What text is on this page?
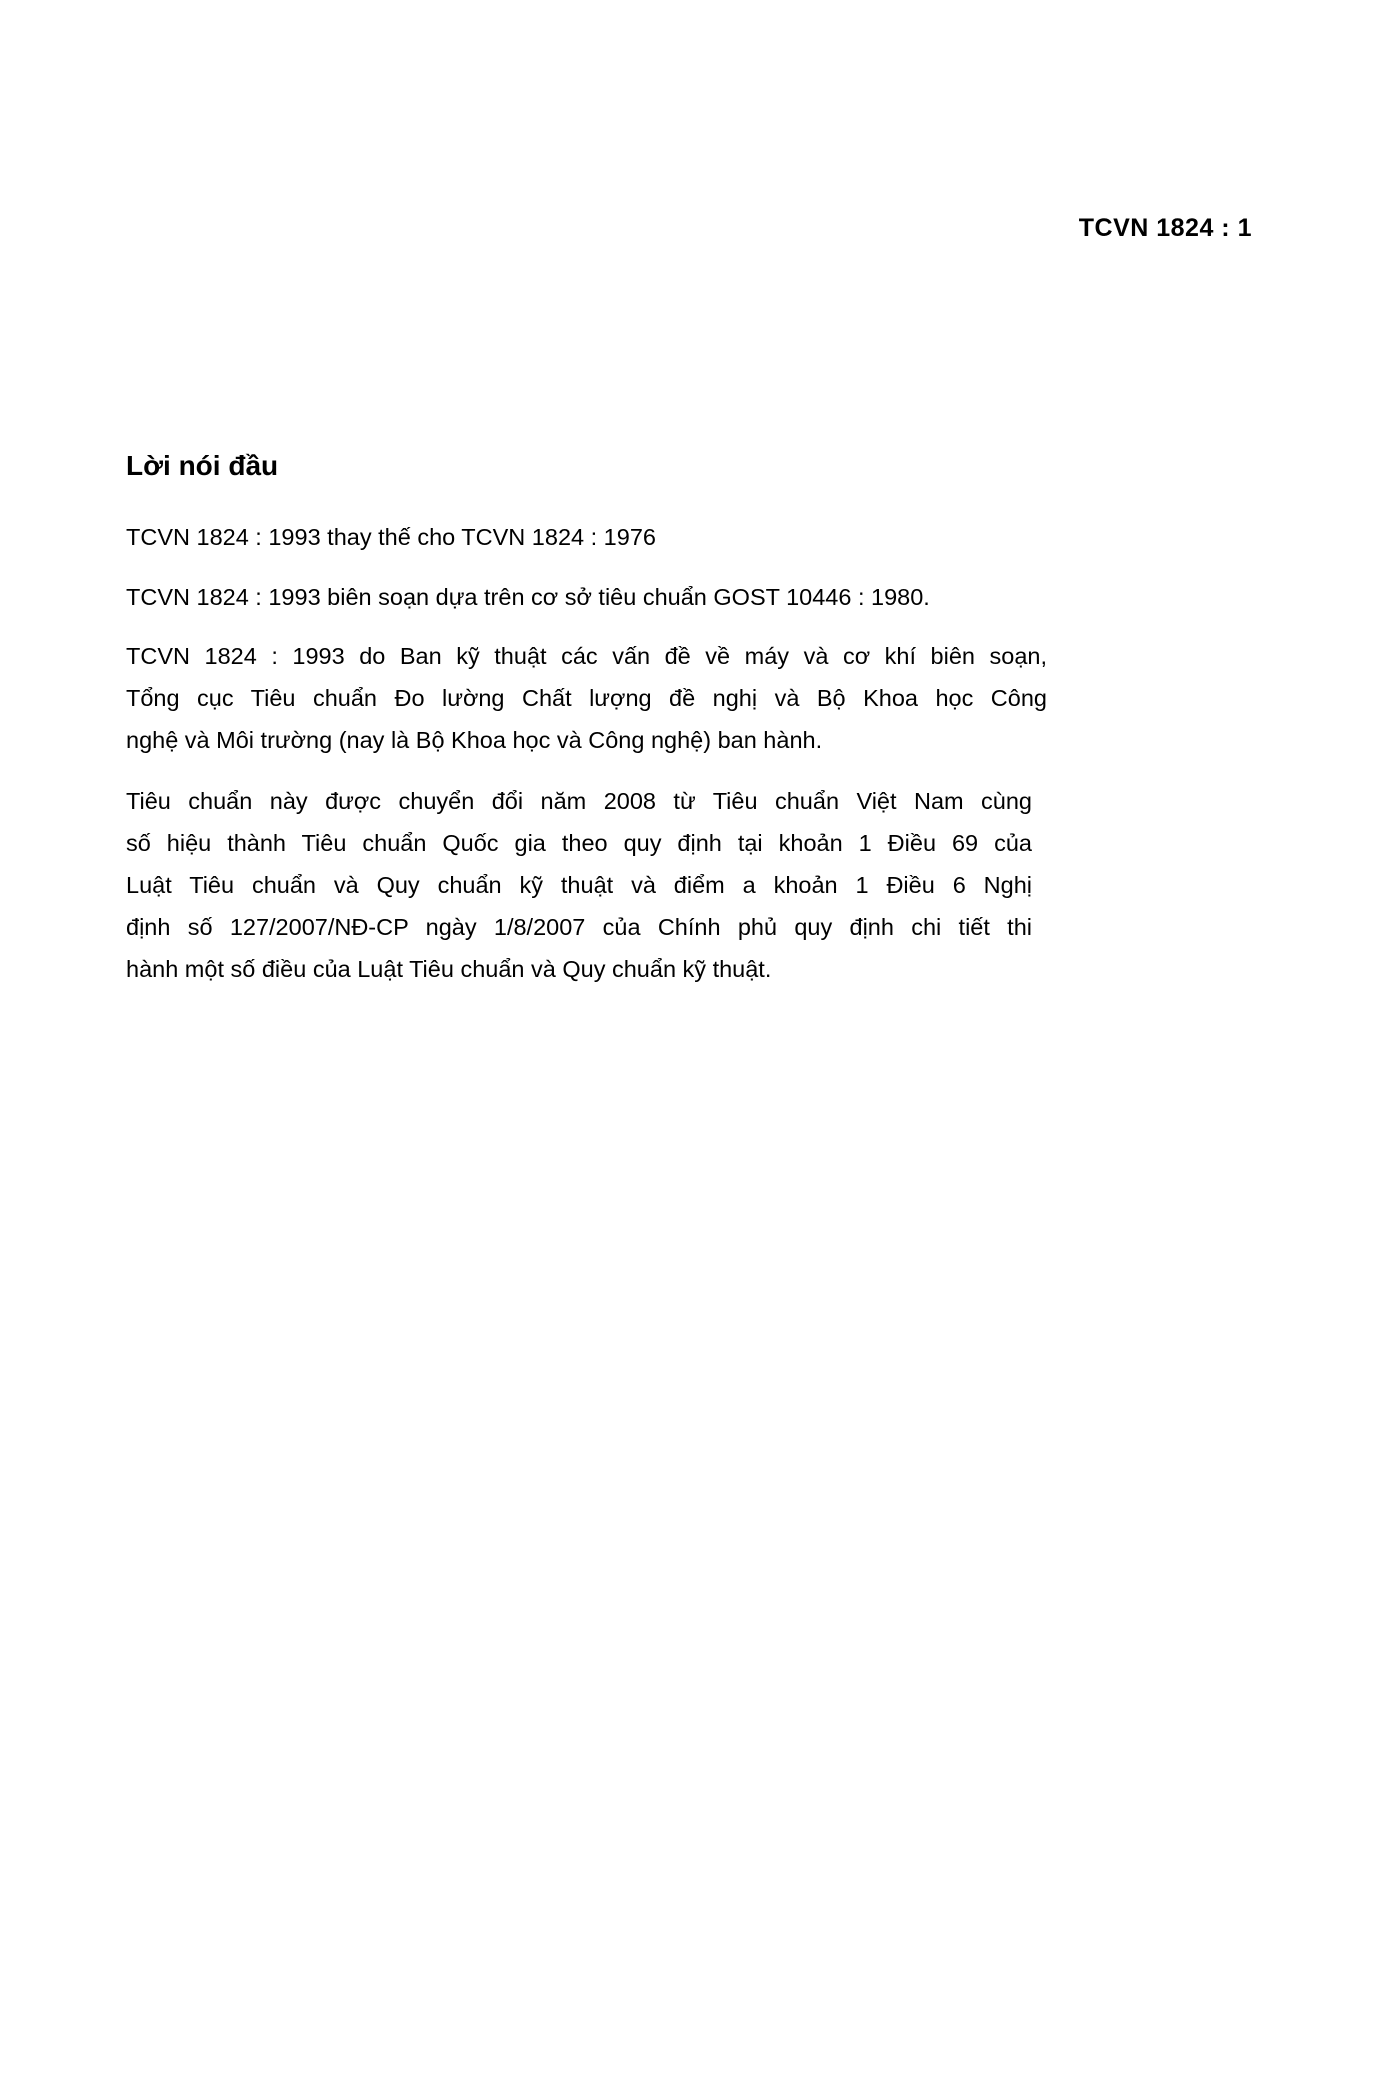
TCVN 1824 : 1
Lời nói đầu

TCVN 1824 : 1993 thay thế cho TCVN 1824 : 1976

TCVN 1824 : 1993 biên soạn dựa trên cơ sở tiêu chuẩn GOST 10446 : 1980.

TCVN 1824 : 1993 do Ban kỹ thuật các vấn đề về máy và cơ khí biên soạn,
Tổng cục Tiêu chuẩn Đo lường Chất lượng đề nghị và Bộ Khoa học Công
nghệ và Môi trường (nay là Bộ Khoa học và Công nghệ) ban hành.

Tiêu chuẩn này được chuyển đổi năm 2008 từ Tiêu chuẩn Việt Nam cùng
số hiệu thành Tiêu chuẩn Quốc gia theo quy định tại khoản 1 Điều 69 của
Luật Tiêu chuẩn và Quy chuẩn kỹ thuật và điểm a khoản 1 Điều 6 Nghị
định số 127/2007/NĐ-CP ngày 1/8/2007 của Chính phủ quy định chi tiết thi
hành một số điều của Luật Tiêu chuẩn và Quy chuẩn kỹ thuật.
